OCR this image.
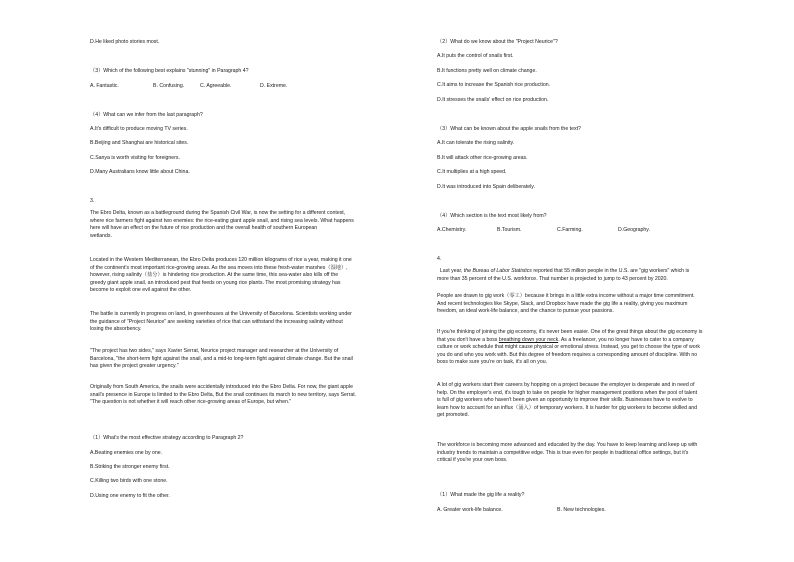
D.He liked photo stories most.
（3）Which of the following best explains "stunning" in Paragraph 4?
A. Fantastic.	B. Confusing.	C. Agreeable.	D. Extreme.
（4）What can we infer from the last paragraph?
A.It's difficult to produce moving TV series.
B.Beijing and Shanghai are historical sites.
C.Sanya is worth visiting for foreigners.
D.Many Australians know little about China.
3.
The Ebro Delta, known as a battleground during the Spanish Civil War, is now the setting for a different contest,
where rice farmers fight against two enemies: the rice-eating giant apple snail, and rising sea levels. What happens
here will have an effect on the future of rice production and the overall health of southern European
wetlands.
Located in the Western Mediterranean, the Ebro Delta produces 120 million kilograms of rice a year, making it one
of the continent's most important rice-growing areas. As the sea moves into these fresh-water marshes（湿地）,
however, rising salinity（盐分）is hindering rice production. At the same time, this sea-water also kills off the
greedy giant apple snail, an introduced pest that feeds on young rice plants. The most promising strategy has
become to exploit one evil against the other.
The battle is currently in progress on land, in greenhouses at the University of Barcelona. Scientists working under
the guidance of "Project Neurice" are seeking varieties of rice that can withstand the increasing salinity without
losing the absorbency.
"The project has two sides," says Xavier Serrat, Neurice project manager and researcher at the University of
Barcelona, "the short-term fight against the snail, and a mid-to long-term fight against climate change. But the snail
has given the project greater urgency."
Originally from South America, the snails were accidentally introduced into the Ebro Delta. For now, the giant apple
snail's presence in Europe is limited to the Ebro Delta, But the snail continues its march to new territory, says Serrat.
"The question is not whether it will reach other rice-growing areas of Europe, but when."
（1）What's the most effective strategy according to Paragraph 2?
A.Beating enemies one by one.
B.Striking the stronger enemy first.
C.Killing two birds with one stone.
D.Using one enemy to fit the other.
（2）What do we know about the "Project Neurice"?
A.It puts the control of snails first.
B.It functions pretty well on climate change.
C.It aims to increase the Spanish rice production.
D.It stresses the snails' effect on rice production.
（3）What can be known about the apple snails from the text?
A.It can tolerate the rising salinity.
B.It will attack other rice-growing areas.
C.It multiplies at a high speed.
D.It was introduced into Spain deliberately.
（4）Which section is the text most likely from?
A.Chemistry.	B.Tourism.	C.Farming.	D.Geography.
4.
Last year, the Bureau of Labor Statistics reported that 55 million people in the U.S. are "gig workers" which is
more than 35 percent of the U.S. workforce. That number is projected to jump to 43 percent by 2020.
People are drawn to gig work（零工）because it brings in a little extra income without a major time commitment.
And recent technologies like Skype, Slack, and Dropbox have made the gig life a reality, giving you maximum
freedom, an ideal work-life balance, and the chance to pursue your passions.
If you're thinking of joining the gig economy, it's never been easier. One of the great things about the gig economy is
that you don't have a boss breathing down your neck. As a freelancer, you no longer have to cater to a company
culture or work schedule that might cause physical or emotional stress. Instead, you get to choose the type of work
you do and who you work with. But this degree of freedom requires a corresponding amount of discipline. With no
boss to make sure you're on task, it's all on you.
A lot of gig workers start their careers by hopping on a project because the employer is desperate and in need of
help. On the employer's end, it's tough to take on people for higher management positions when the pool of talent
is full of gig workers who haven't been given an opportunity to improve their skills. Businesses have to evolve to
learn how to account for an influx（涌入）of temporary workers. It is harder for gig workers to become skilled and
get promoted.
The workforce is becoming more advanced and educated by the day. You have to keep learning and keep up with
industry trends to maintain a competitive edge. This is true even for people in traditional office settings, but it's
critical if you're your own boss.
（1）What made the gig life a reality?
A. Greater work-life balance.	B. New technologies.
